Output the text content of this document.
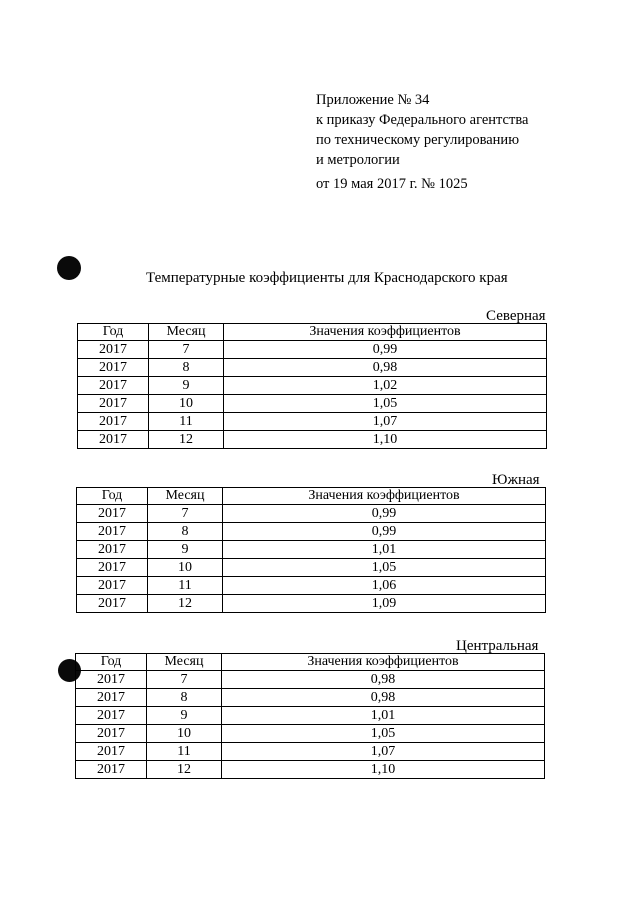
Приложение № 34
к приказу Федерального агентства
по техническому регулированию
и метрологии
от 19 мая 2017 г. № 1025
Температурные коэффициенты для Краснодарского края
Северная
Год	Месяц	Значения коэффициентов
2017	7	0,99
2017	8	0,98
2017	9	1,02
2017	10	1,05
2017	11	1,07
2017	12	1,10
Южная
Год	Месяц	Значения коэффициентов
2017	7	0,99
2017	8	0,99
2017	9	1,01
2017	10	1,05
2017	11	1,06
2017	12	1,09
Центральная
Год	Месяц	Значения коэффициентов
2017	7	0,98
2017	8	0,98
2017	9	1,01
2017	10	1,05
2017	11	1,07
2017	12	1,10
